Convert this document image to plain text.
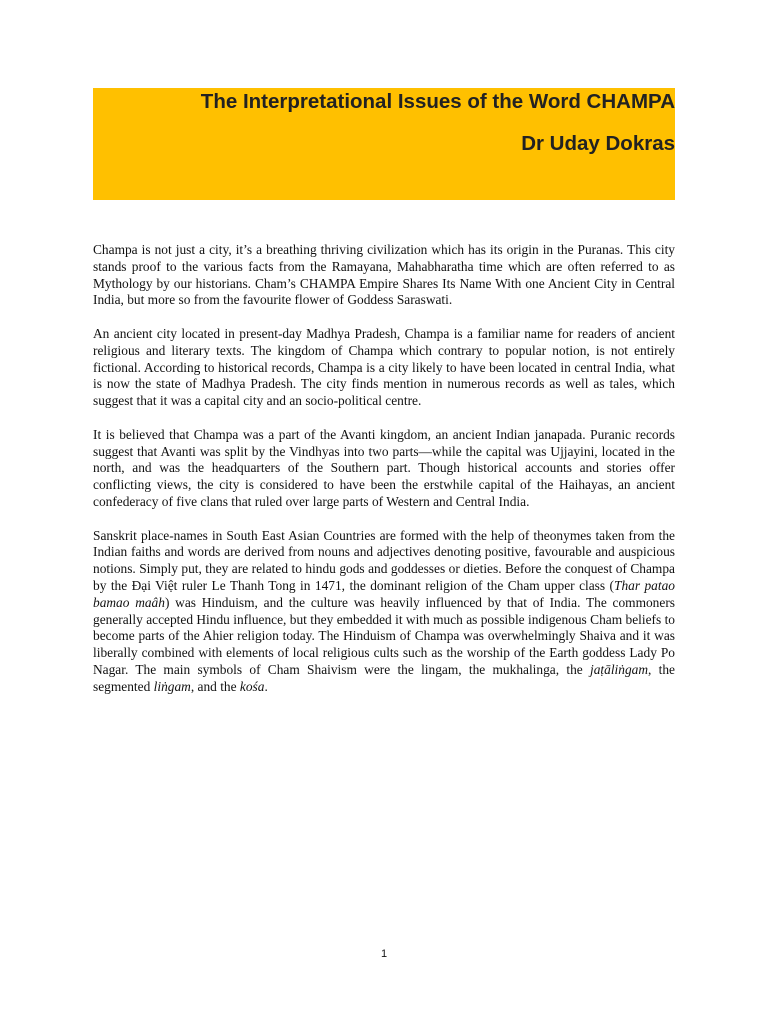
The Interpretational Issues of the Word CHAMPA
Dr Uday Dokras

Champa is not just a city, it’s a breathing thriving civilization which has its origin in the Puranas. This city stands proof to the various facts from the Ramayana, Mahabharatha time which are often referred to as Mythology by our historians. Cham’s CHAMPA Empire Shares Its Name With one Ancient City in Central India, but more so from the favourite flower of Goddess Saraswati.

An ancient city located in present-day Madhya Pradesh, Champa is a familiar name for readers of ancient religious and literary texts. The kingdom of Champa which contrary to popular notion, is not entirely fictional. According to historical records, Champa is a city likely to have been located in central India, what is now the state of Madhya Pradesh. The city finds mention in numerous records as well as tales, which suggest that it was a capital city and an socio-political centre.

It is believed that Champa was a part of the Avanti kingdom, an ancient Indian janapada. Puranic records suggest that Avanti was split by the Vindhyas into two parts—while the capital was Ujjayini, located in the north, and was the headquarters of the Southern part. Though historical accounts and stories offer conflicting views, the city is considered to have been the erstwhile capital of the Haihayas, an ancient confederacy of five clans that ruled over large parts of Western and Central India.

Sanskrit place-names in South East Asian Countries are formed with the help of theonymes taken from the Indian faiths and words are derived from nouns and adjectives denoting positive, favourable and auspicious notions. Simply put, they are related to hindu gods and goddesses or dieties. Before the conquest of Champa by the Đại Việt ruler Le Thanh Tong in 1471, the dominant religion of the Cham upper class (Thar patao bamao maâh) was Hinduism, and the culture was heavily influenced by that of India. The commoners generally accepted Hindu influence, but they embedded it with much as possible indigenous Cham beliefs to become parts of the Ahier religion today. The Hinduism of Champa was overwhelmingly Shaiva and it was liberally combined with elements of local religious cults such as the worship of the Earth goddess Lady Po Nagar. The main symbols of Cham Shaivism were the lingam, the mukhalinga, the jaṭāliṅgam, the segmented liṅgam, and the kośa.

1
